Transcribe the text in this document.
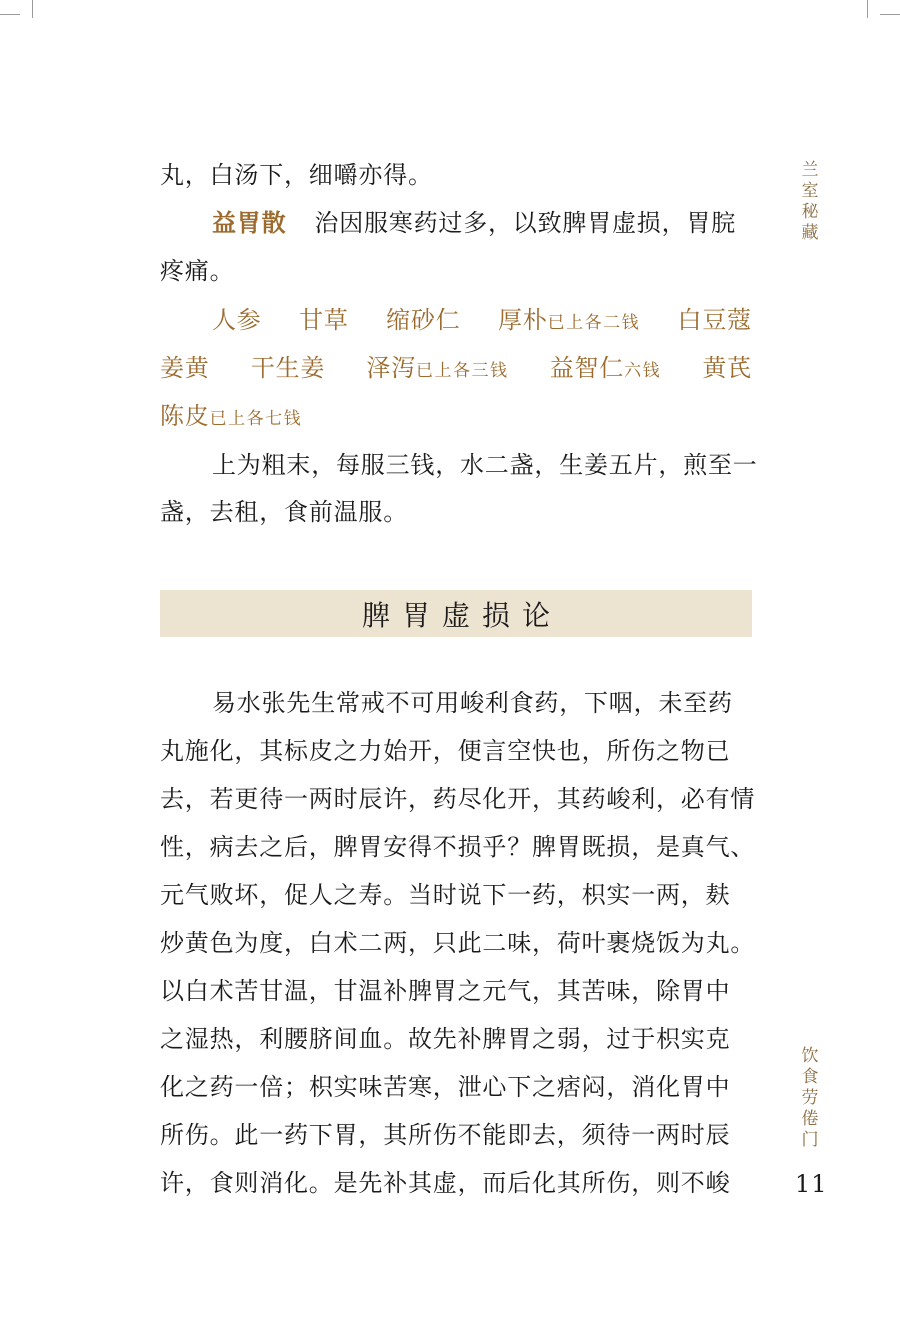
兰
室
秘
藏
丸，白汤下，细嚼亦得。
益胃散 治因服寒药过多，以致脾胃虚损，胃脘
疼痛。
人参 甘草 缩砂仁 厚朴已上各二钱 白豆蔻
姜黄 干生姜 泽泻已上各三钱 益智仁六钱 黄芪
陈皮已上各七钱
上为粗末，每服三钱，水二盏，生姜五片，煎至一
盏，去租，食前温服。
脾胃虚损论
易水张先生常戒不可用峻利食药，下咽，未至药
丸施化，其标皮之力始开，便言空快也，所伤之物已
去，若更待一两时辰许，药尽化开，其药峻利，必有情
性，病去之后，脾胃安得不损乎？脾胃既损，是真气、
元气败坏，促人之寿。当时说下一药，枳实一两，麸
炒黄色为度，白术二两，只此二味，荷叶裹烧饭为丸。
以白术苦甘温，甘温补脾胃之元气，其苦味，除胃中
之湿热，利腰脐间血。故先补脾胃之弱，过于枳实克
化之药一倍；枳实味苦寒，泄心下之痞闷，消化胃中
所伤。此一药下胃，其所伤不能即去，须待一两时辰
许，食则消化。是先补其虚，而后化其所伤，则不峻
饮
食
劳
倦
门
11
